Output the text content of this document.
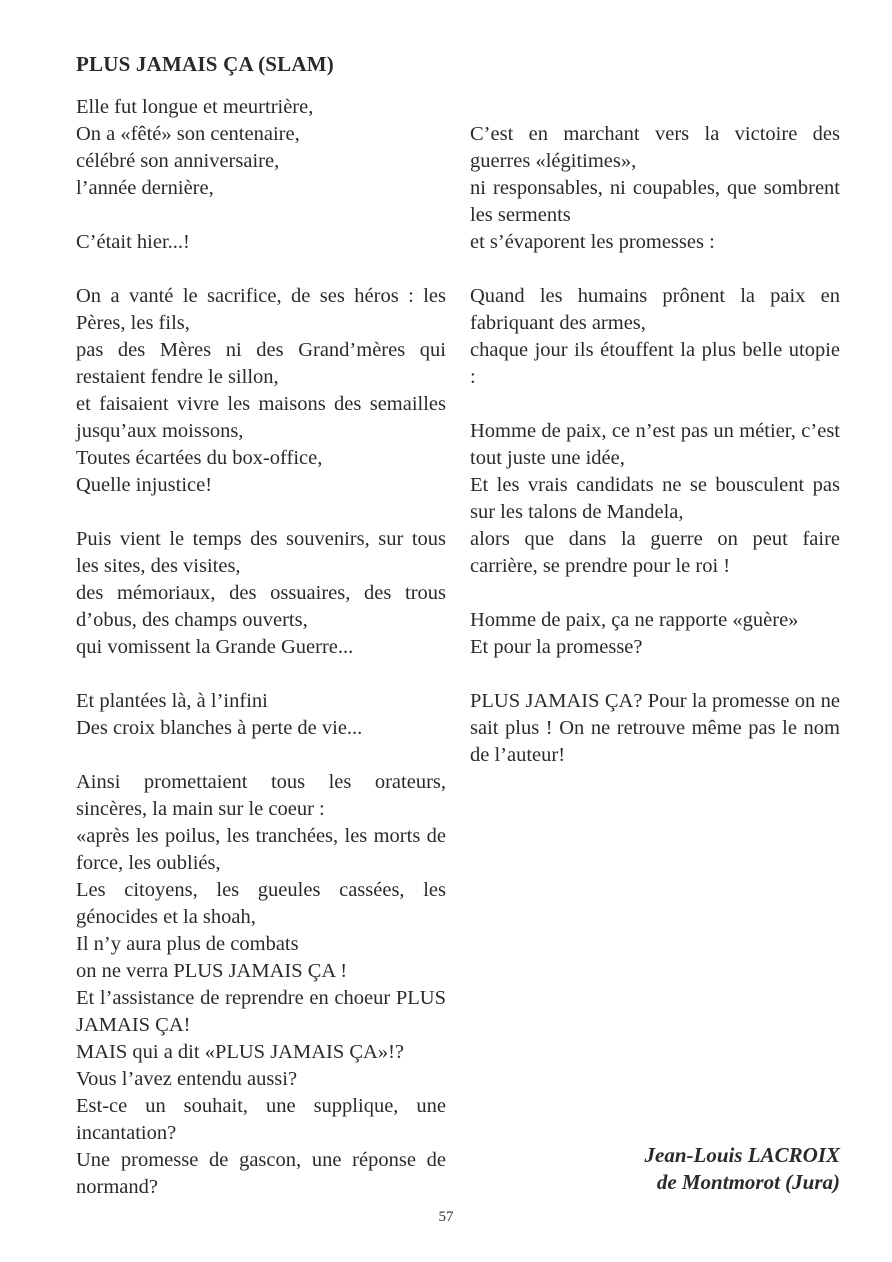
PLUS JAMAIS ÇA (SLAM)
Elle fut longue et meurtrière,
On a «fêté» son centenaire,
célébré son anniversaire,
l’année dernière,
C’était hier...!
On a vanté le sacrifice, de ses héros : les Pères, les fils,
pas des Mères ni des Grand’mères qui restaient fendre le sillon,
et faisaient vivre les maisons des semailles jusqu’aux moissons,
Toutes écartées du box-office,
Quelle injustice!
Puis vient le temps des souvenirs, sur tous les sites, des visites,
des mémoriaux, des ossuaires, des trous d’obus, des champs ouverts,
qui vomissent la Grande Guerre...
Et plantées là, à l’infini
Des croix blanches à perte de vie...
Ainsi promettaient tous les orateurs, sincères, la main sur le coeur :
«après les poilus, les tranchées, les morts de force, les oubliés,
Les citoyens, les gueules cassées, les génocides et la shoah,
Il n’y aura plus de combats
on ne verra PLUS JAMAIS ÇA !
Et l’assistance de reprendre en choeur PLUS JAMAIS ÇA!
MAIS qui a dit «PLUS JAMAIS ÇA»!?
Vous l’avez entendu aussi?
Est-ce un souhait, une supplique, une incantation?
Une promesse de gascon, une réponse de normand?
C’est en marchant vers la victoire des guerres «légitimes»,
ni responsables, ni coupables, que sombrent les serments
et s’évaporent les promesses :
Quand les humains prônent la paix en fabriquant des armes,
chaque jour ils étouffent la plus belle utopie :
Homme de paix, ce n’est pas un métier, c’est tout juste une idée,
Et les vrais candidats ne se bousculent pas sur les talons de Mandela,
alors que dans la guerre on peut faire carrière, se prendre pour le roi !
Homme de paix, ça ne rapporte «guère»
Et pour la promesse?
PLUS JAMAIS ÇA? Pour la promesse on ne sait plus ! On ne retrouve même pas le nom de l’auteur!
Jean-Louis LACROIX
de Montmorot (Jura)
57
